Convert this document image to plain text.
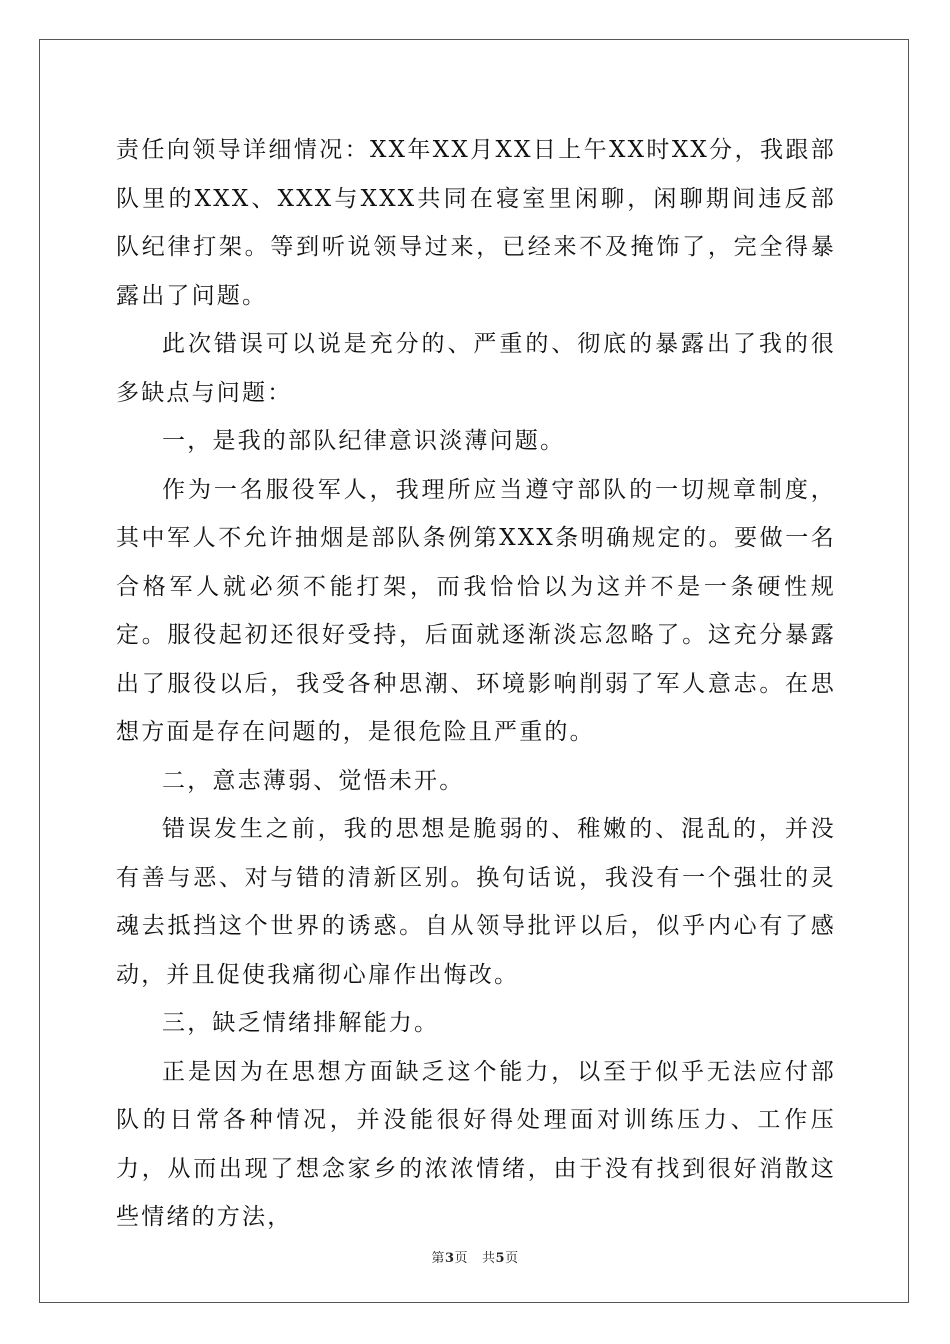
责任向领导详细情况：XX年XX月XX日上午XX时XX分，我跟部队里的XXX、XXX与XXX共同在寝室里闲聊，闲聊期间违反部队纪律打架。等到听说领导过来，已经来不及掩饰了，完全得暴露出了问题。

此次错误可以说是充分的、严重的、彻底的暴露出了我的很多缺点与问题：

一，是我的部队纪律意识淡薄问题。

作为一名服役军人，我理所应当遵守部队的一切规章制度，其中军人不允许抽烟是部队条例第XXX条明确规定的。要做一名合格军人就必须不能打架，而我恰恰以为这并不是一条硬性规定。服役起初还很好受持，后面就逐渐淡忘忽略了。这充分暴露出了服役以后，我受各种思潮、环境影响削弱了军人意志。在思想方面是存在问题的，是很危险且严重的。

二，意志薄弱、觉悟未开。

错误发生之前，我的思想是脆弱的、稚嫩的、混乱的，并没有善与恶、对与错的清新区别。换句话说，我没有一个强壮的灵魂去抵挡这个世界的诱惑。自从领导批评以后，似乎内心有了感动，并且促使我痛彻心扉作出悔改。

三，缺乏情绪排解能力。

正是因为在思想方面缺乏这个能力，以至于似乎无法应付部队的日常各种情况，并没能很好得处理面对训练压力、工作压力，从而出现了想念家乡的浓浓情绪，由于没有找到很好消散这些情绪的方法，

第3页 共5页
